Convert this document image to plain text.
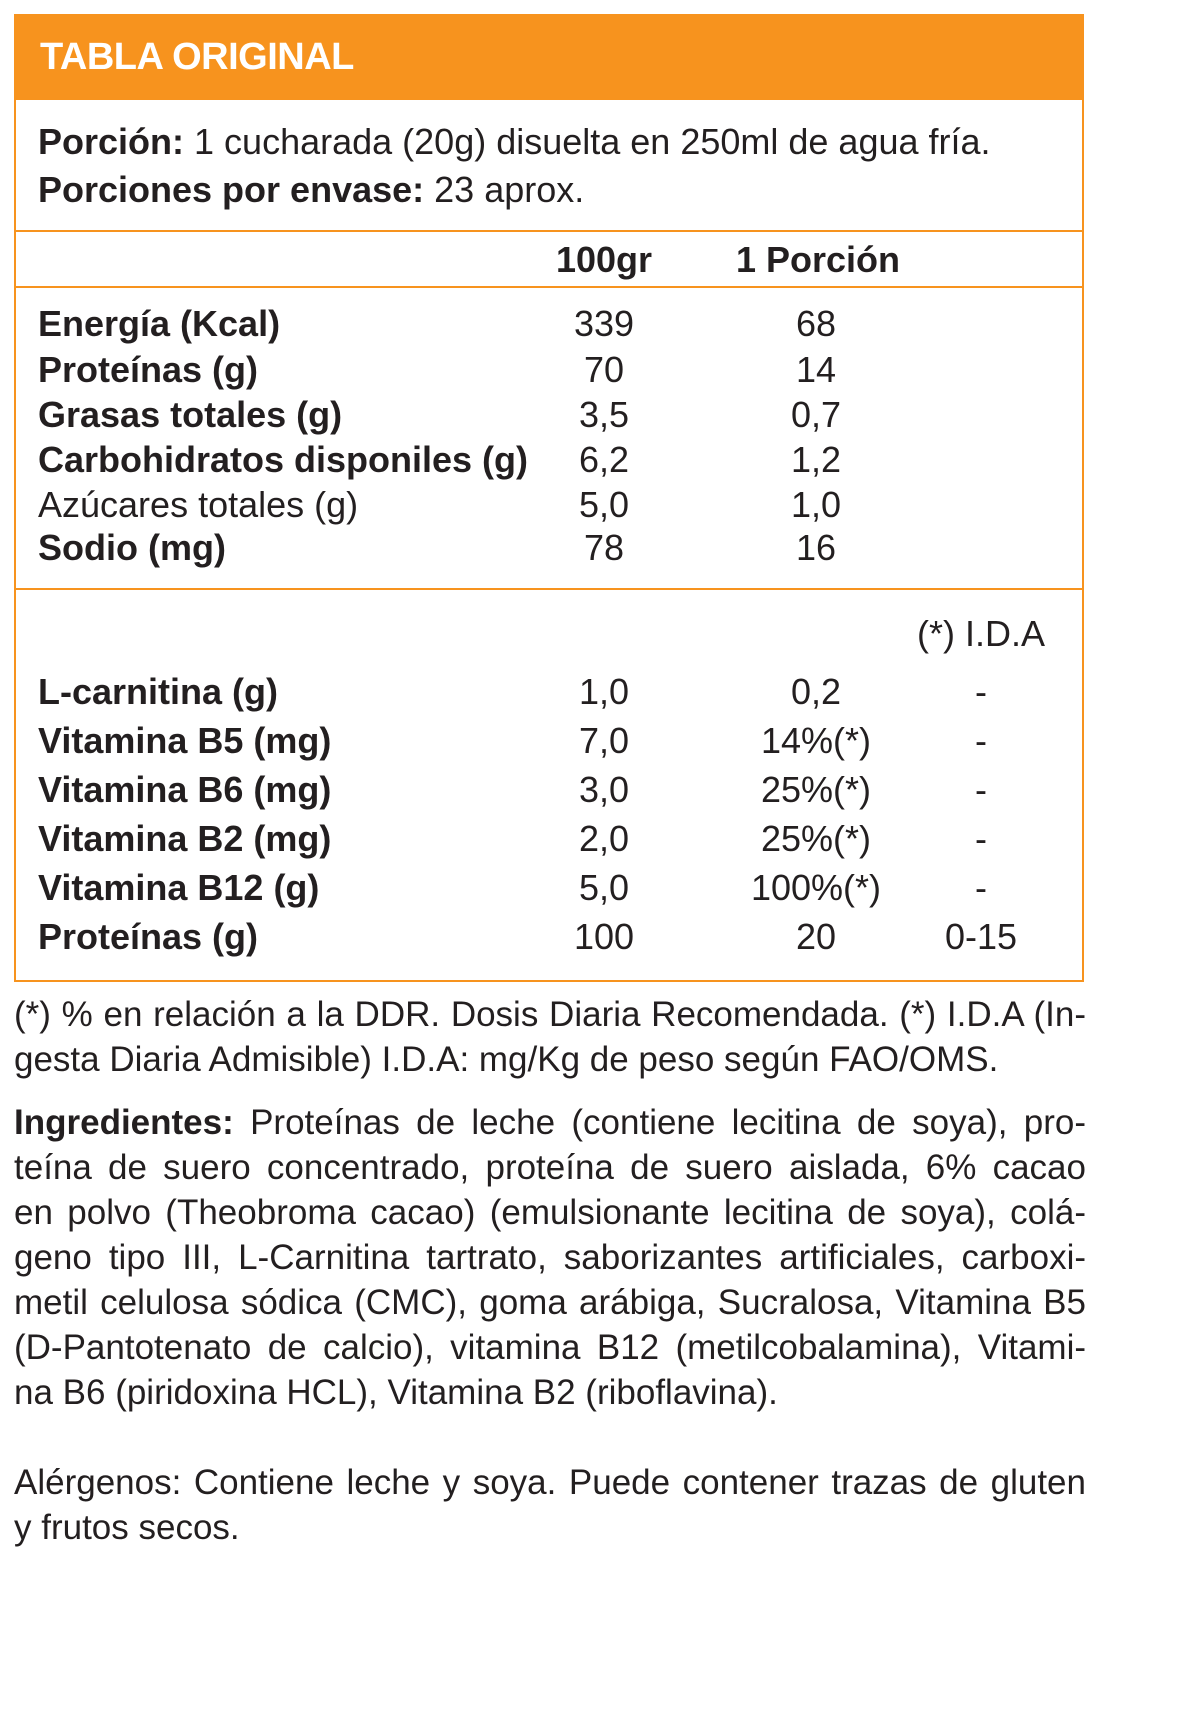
TABLA ORIGINAL
Porción: 1 cucharada (20g) disuelta en 250ml de agua fría.
Porciones por envase: 23 aprox.
100gr	1 Porción
Energía (Kcal)	339	68
Proteínas (g)	70	14
Grasas totales (g)	3,5	0,7
Carbohidratos disponiles (g)	6,2	1,2
Azúcares totales (g)	5,0	1,0
Sodio (mg)	78	16
(*) I.D.A
L-carnitina (g)	1,0	0,2	-
Vitamina B5 (mg)	7,0	14%(*)	-
Vitamina B6 (mg)	3,0	25%(*)	-
Vitamina B2 (mg)	2,0	25%(*)	-
Vitamina B12 (g)	5,0	100%(*)	-
Proteínas (g)	100	20	0-15
(*) % en relación a la DDR. Dosis Diaria Recomendada. (*) I.D.A (In-
gesta Diaria Admisible) I.D.A: mg/Kg de peso según FAO/OMS.
Ingredientes: Proteínas de leche (contiene lecitina de soya), pro-
teína de suero concentrado, proteína de suero aislada, 6% cacao
en polvo (Theobroma cacao) (emulsionante lecitina de soya), colá-
geno tipo III, L-Carnitina tartrato, saborizantes artificiales, carboxi-
metil celulosa sódica (CMC), goma arábiga, Sucralosa, Vitamina B5
(D-Pantotenato de calcio), vitamina B12 (metilcobalamina), Vitami-
na B6 (piridoxina HCL), Vitamina B2 (riboflavina).
Alérgenos: Contiene leche y soya. Puede contener trazas de gluten
y frutos secos.
